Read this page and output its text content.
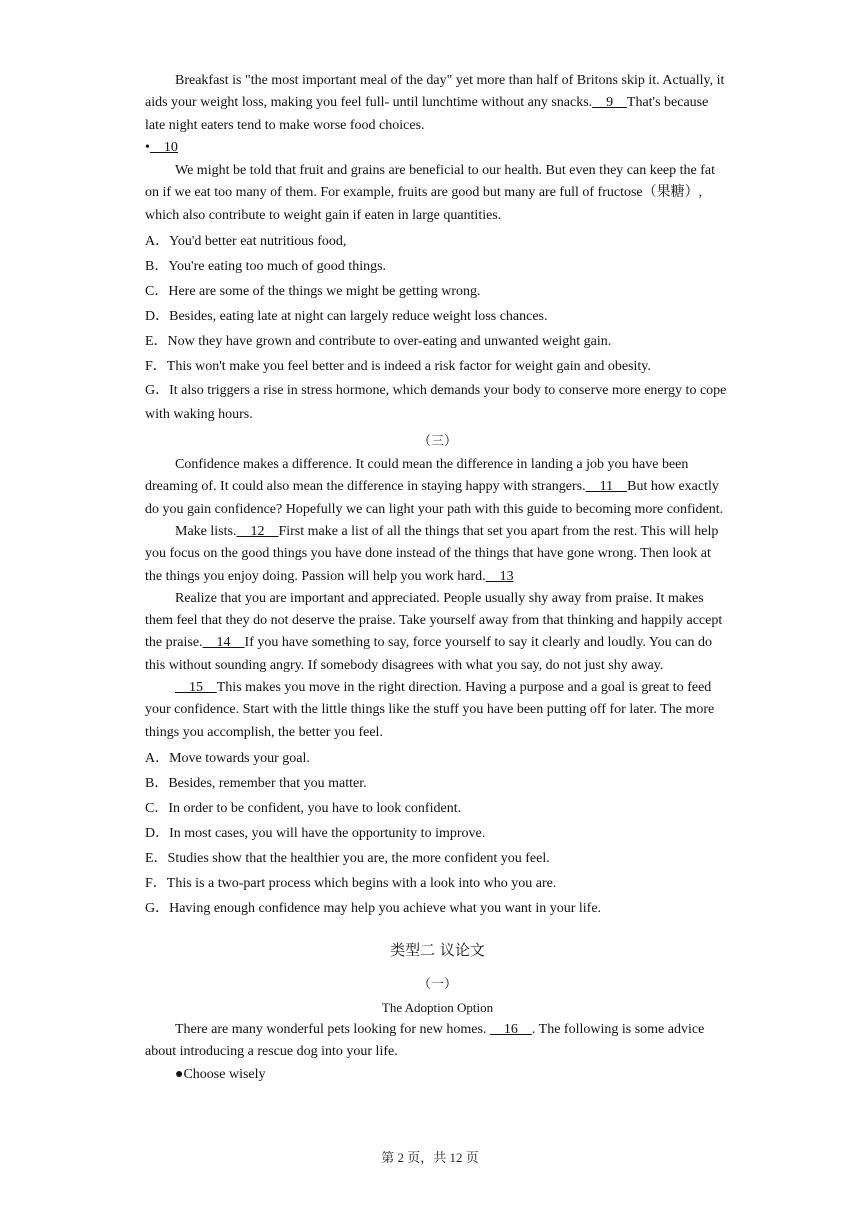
Breakfast is "the most important meal of the day" yet more than half of Britons skip it. Actually, it aids your weight loss, making you feel full- until lunchtime without any snacks.    9    That's because late night eaters tend to make worse food choices.

•    10

We might be told that fruit and grains are beneficial to our health. But even they can keep the fat on if we eat too many of them. For example, fruits are good but many are full of fructose（果糖）, which also contribute to weight gain if eaten in large quantities.

A．You'd better eat nutritious food,

B．You're eating too much of good things.

C．Here are some of the things we might be getting wrong.

D．Besides, eating late at night can largely reduce weight loss chances.

E．Now they have grown and contribute to over-eating and unwanted weight gain.

F．This won't make you feel better and is indeed a risk factor for weight gain and obesity.

G．It also triggers a rise in stress hormone, which demands your body to conserve more energy to cope with waking hours.

（三）

Confidence makes a difference. It could mean the difference in landing a job you have been dreaming of. It could also mean the difference in staying happy with strangers.    11    But how exactly do you gain confidence? Hopefully we can light your path with this guide to becoming more confident.

Make lists.    12    First make a list of all the things that set you apart from the rest. This will help you focus on the good things you have done instead of the things that have gone wrong. Then look at the things you enjoy doing. Passion will help you work hard.    13

Realize that you are important and appreciated. People usually shy away from praise. It makes them feel that they do not deserve the praise. Take yourself away from that thinking and happily accept the praise.    14    If you have something to say, force yourself to say it clearly and loudly. You can do this without sounding angry. If somebody disagrees with what you say, do not just shy away.

15    This makes you move in the right direction. Having a purpose and a goal is great to feed your confidence. Start with the little things like the stuff you have been putting off for later. The more things you accomplish, the better you feel.

A．Move towards your goal.

B．Besides, remember that you matter.

C．In order to be confident, you have to look confident.

D．In most cases, you will have the opportunity to improve.

E．Studies show that the healthier you are, the more confident you feel.

F．This is a two-part process which begins with a look into who you are.

G．Having enough confidence may help you achieve what you want in your life.

类型二 议论文

（一）

The Adoption Option

There are many wonderful pets looking for new homes.     16    . The following is some advice about introducing a rescue dog into your life.

●Choose wisely

第 2 页，共 12 页
